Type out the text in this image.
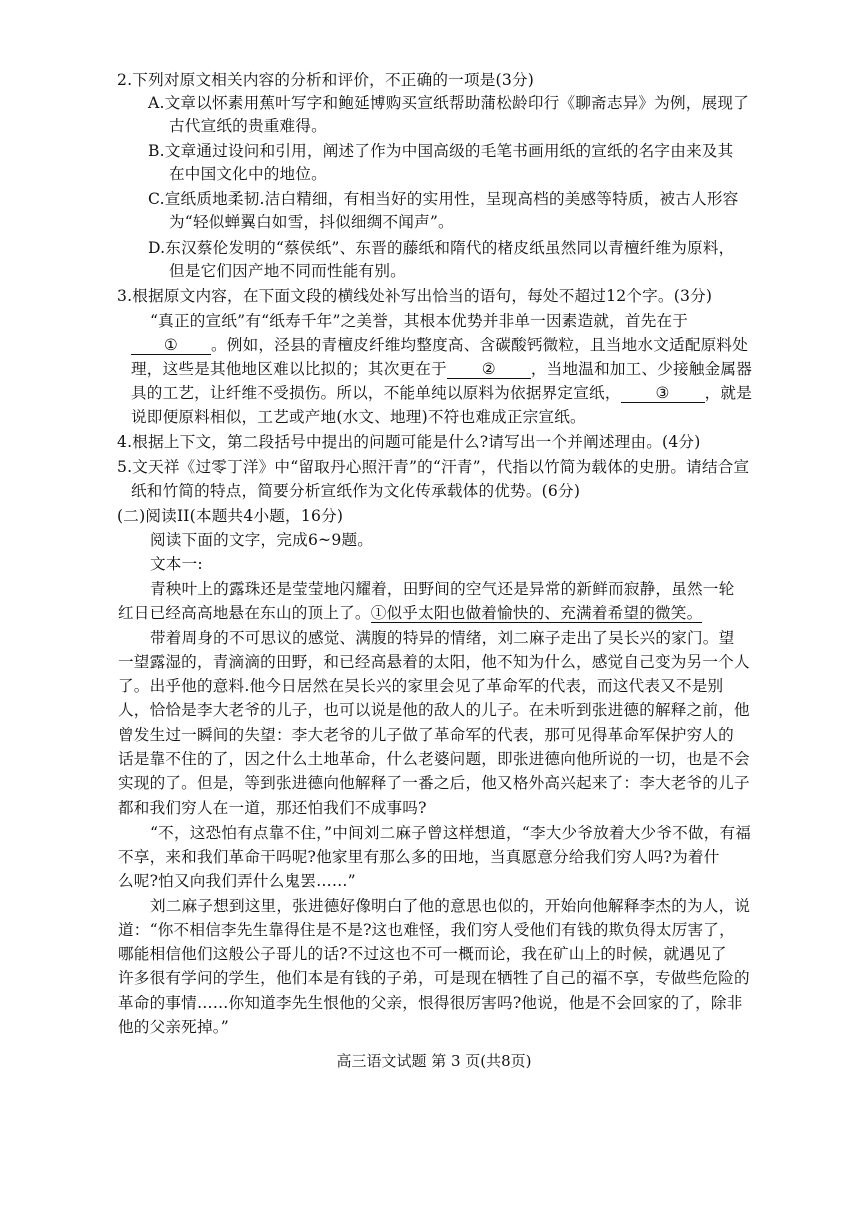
2.下列对原文相关内容的分析和评价，不正确的一项是(3分)
A.文章以怀素用蕉叶写字和鲍延博购买宣纸帮助蒲松龄印行《聊斋志异》为例，展现了
古代宣纸的贵重难得。
B.文章通过设问和引用，阐述了作为中国高级的毛笔书画用纸的宣纸的名字由来及其
在中国文化中的地位。
C.宣纸质地柔韧.洁白精细，有相当好的实用性，呈现高档的美感等特质，被古人形容
为“轻似蝉翼白如雪，抖似细绸不闻声”。
D.东汉蔡伦发明的“蔡侯纸”、东晋的藤纸和隋代的楮皮纸虽然同以青檀纤维为原料，
但是它们因产地不同而性能有别。
3.根据原文内容，在下面文段的横线处补写出恰当的语句，每处不超过12个字。(3分)
“真正的宣纸”有“纸寿千年”之美誉，其根本优势并非单一因素造就，首先在于
① 。例如，泾县的青檀皮纤维均整度高、含碳酸钙微粒，且当地水文适配原料处
理，这些是其他地区难以比拟的；其次更在于 ② ，当地温和加工、少接触金属器
具的工艺，让纤维不受损伤。所以，不能单纯以原料为依据界定宣纸， ③ ，就是
说即便原料相似，工艺或产地(水文、地理)不符也难成正宗宣纸。
4.根据上下文，第二段括号中提出的问题可能是什么?请写出一个并阐述理由。(4分)
5.文天祥《过零丁洋》中“留取丹心照汗青”的“汗青”，代指以竹简为载体的史册。请结合宣
纸和竹简的特点，简要分析宣纸作为文化传承载体的优势。(6分)
(二)阅读II(本题共4小题，16分)
阅读下面的文字，完成6~9题。
文本一:
青秧叶上的露珠还是莹莹地闪耀着，田野间的空气还是异常的新鲜而寂静，虽然一轮
红日已经高高地悬在东山的顶上了。①似乎太阳也做着愉快的、充满着希望的微笑。
带着周身的不可思议的感觉、满腹的特异的情绪，刘二麻子走出了吴长兴的家门。望
一望露湿的，青滴滴的田野，和已经高悬着的太阳，他不知为什么，感觉自己变为另一个人
了。出乎他的意料.他今日居然在吴长兴的家里会见了革命军的代表，而这代表又不是别
人，恰恰是李大老爷的儿子，也可以说是他的敌人的儿子。在未听到张进德的解释之前，他
曾发生过一瞬间的失望：李大老爷的儿子做了革命军的代表，那可见得革命军保护穷人的
话是靠不住的了，因之什么土地革命，什么老婆问题，即张进德向他所说的一切，也是不会
实现的了。但是，等到张进德向他解释了一番之后，他又格外高兴起来了：李大老爷的儿子
都和我们穷人在一道，那还怕我们不成事吗?
“不，这恐怕有点靠不住，”中间刘二麻子曾这样想道，“李大少爷放着大少爷不做，有福
不享，来和我们革命干吗呢?他家里有那么多的田地，当真愿意分给我们穷人吗?为着什
么呢?怕又向我们弄什么鬼罢……”
刘二麻子想到这里，张进德好像明白了他的意思也似的，开始向他解释李杰的为人，说
道：“你不相信李先生靠得住是不是?这也难怪，我们穷人受他们有钱的欺负得太厉害了，
哪能相信他们这般公子哥儿的话?不过这也不可一概而论，我在矿山上的时候，就遇见了
许多很有学问的学生，他们本是有钱的子弟，可是现在牺牲了自己的福不享，专做些危险的
革命的事情……你知道李先生恨他的父亲，恨得很厉害吗?他说，他是不会回家的了，除非
他的父亲死掉。”
高三语文试题 第 3 页(共8页)
